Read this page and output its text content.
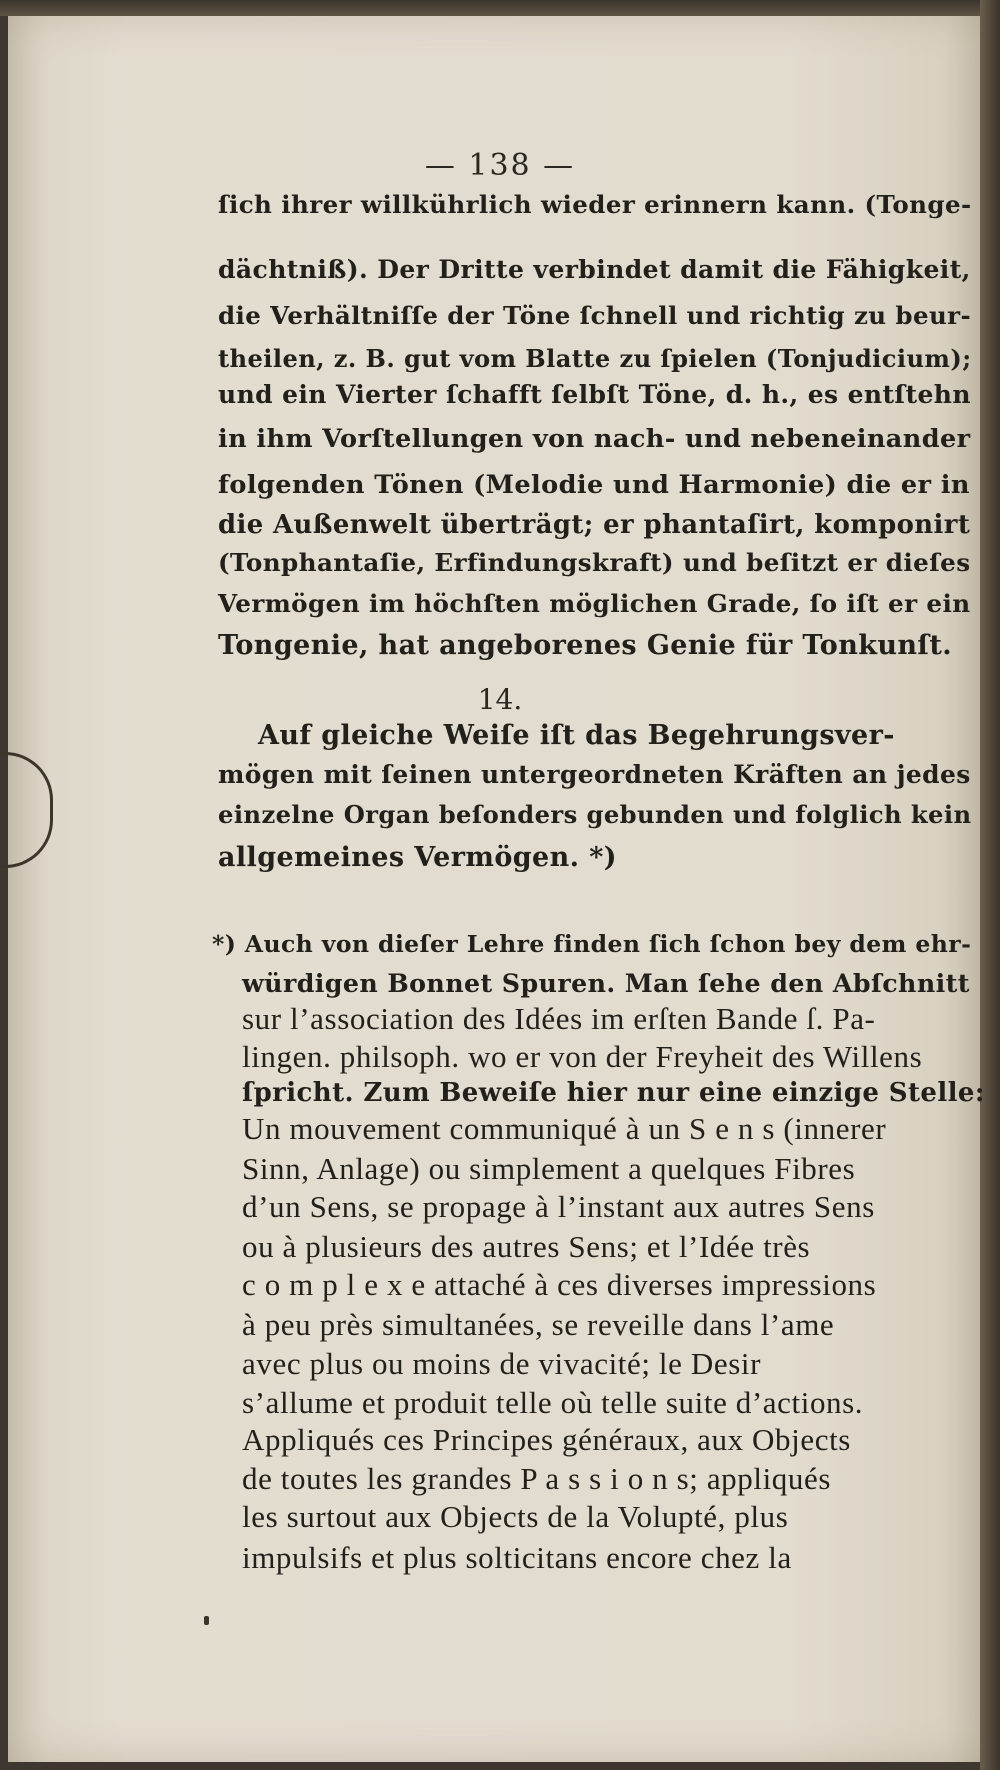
— 138 —
ſich ihrer willkührlich wieder erinnern kann. (Tonge-
dächtniß). Der Dritte verbindet damit die Fähigkeit,
die Verhältniſſe der Töne ſchnell und richtig zu beur-
theilen, z. B. gut vom Blatte zu ſpielen (Tonjudicium);
und ein Vierter ſchafft ſelbſt Töne, d. h., es entſtehn
in ihm Vorſtellungen von nach- und nebeneinander
folgenden Tönen (Melodie und Harmonie) die er in
die Außenwelt überträgt; er phantaſirt, komponirt
(Tonphantaſie, Erfindungskraft) und beſitzt er dieſes
Vermögen im höchſten möglichen Grade, ſo iſt er ein
Tongenie, hat angeborenes Genie für Tonkunſt.
14.
Auf gleiche Weiſe iſt das Begehrungsver-
mögen mit ſeinen untergeordneten Kräften an jedes
einzelne Organ beſonders gebunden und folglich kein
allgemeines Vermögen. *)
*) Auch von dieſer Lehre finden ſich ſchon bey dem ehr-
würdigen Bonnet Spuren. Man ſehe den Abſchnitt
sur l’association des Idées im erſten Bande ſ. Pa-
lingen. philsoph. wo er von der Freyheit des Willens
ſpricht. Zum Beweiſe hier nur eine einzige Stelle:
Un mouvement communiqué à un S e n s (innerer
Sinn, Anlage) ou simplement a quelques Fibres
d’un Sens, se propage à l’instant aux autres Sens
ou à plusieurs des autres Sens; et l’Idée très
c o m p l e x e attaché à ces diverses impressions
à peu près simultanées, se reveille dans l’ame
avec plus ou moins de vivacité; le Desir
s’allume et produit telle où telle suite d’actions.
Appliqués ces Principes généraux, aux Objects
de toutes les grandes P a s s i o n s; appliqués
les surtout aux Objects de la Volupté, plus
impulsifs et plus solticitans encore chez la
